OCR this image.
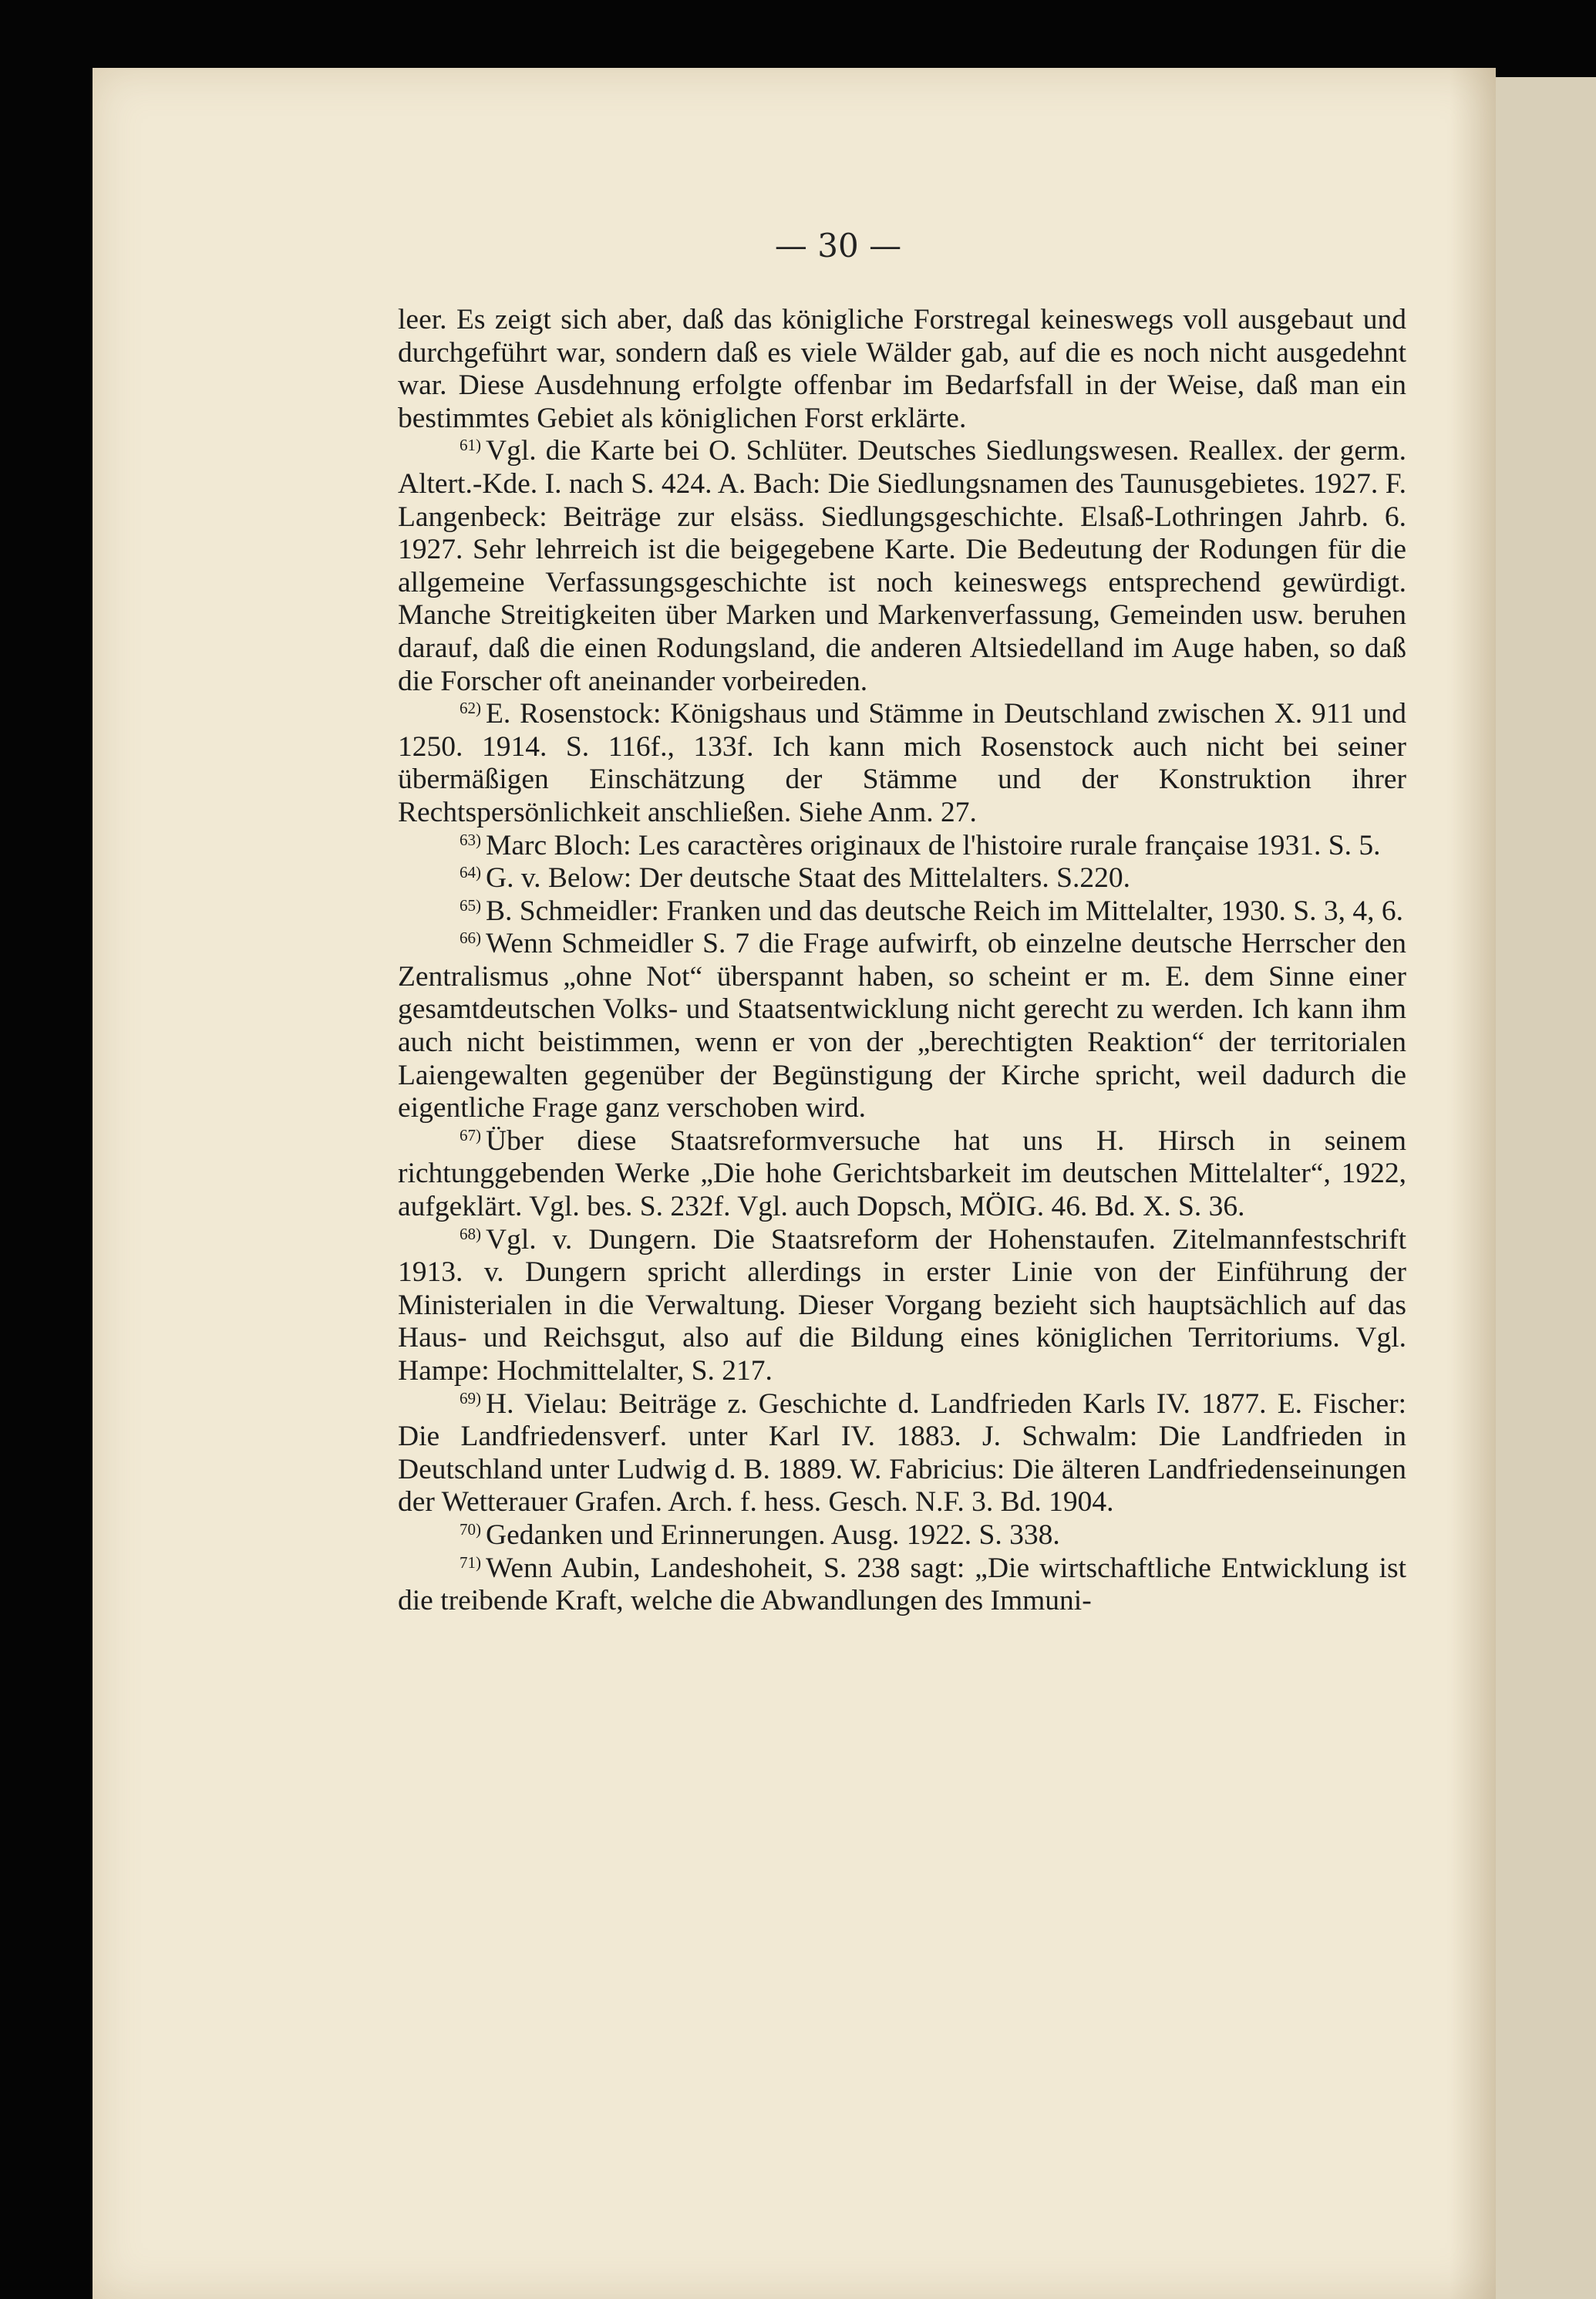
— 30 —

leer. Es zeigt sich aber, daß das königliche Forstregal keineswegs voll ausgebaut und durchgeführt war, sondern daß es viele Wälder gab, auf die es noch nicht ausgedehnt war. Diese Ausdehnung erfolgte offenbar im Bedarfsfall in der Weise, daß man ein bestimmtes Gebiet als königlichen Forst erklärte.

$^{61)}$ Vgl. die Karte bei O. Schlüter. Deutsches Siedlungswesen. Reallex. der germ. Altert.-Kde. I. nach S. 424. A. Bach: Die Siedlungsnamen des Taunusgebietes. 1927. F. Langenbeck: Beiträge zur elsäss. Siedlungsgeschichte. Elsaß-Lothringen Jahrb. 6. 1927. Sehr lehrreich ist die beigegebene Karte. Die Bedeutung der Rodungen für die allgemeine Verfassungsgeschichte ist noch keineswegs entsprechend gewürdigt. Manche Streitigkeiten über Marken und Markenverfassung, Gemeinden usw. beruhen darauf, daß die einen Rodungsland, die anderen Altsiedelland im Auge haben, so daß die Forscher oft aneinander vorbeireden.

$^{62)}$ E. Rosenstock: Königshaus und Stämme in Deutschland zwischen X. 911 und 1250. 1914. S. 116f., 133f. Ich kann mich Rosenstock auch nicht bei seiner übermäßigen Einschätzung der Stämme und der Konstruktion ihrer Rechtspersönlichkeit anschließen. Siehe Anm. 27.

$^{63)}$ Marc Bloch: Les caractères originaux de l'histoire rurale française 1931. S. 5.

$^{64)}$ G. v. Below: Der deutsche Staat des Mittelalters. S.220.

$^{65)}$ B. Schmeidler: Franken und das deutsche Reich im Mittelalter, 1930. S. 3, 4, 6.

$^{66)}$ Wenn Schmeidler S. 7 die Frage aufwirft, ob einzelne deutsche Herrscher den Zentralismus „ohne Not“ überspannt haben, so scheint er m. E. dem Sinne einer gesamtdeutschen Volks- und Staatsentwicklung nicht gerecht zu werden. Ich kann ihm auch nicht beistimmen, wenn er von der „berechtigten Reaktion“ der territorialen Laiengewalten gegenüber der Begünstigung der Kirche spricht, weil dadurch die eigentliche Frage ganz verschoben wird.

$^{67)}$ Über diese Staatsreformversuche hat uns H. Hirsch in seinem richtunggebenden Werke „Die hohe Gerichtsbarkeit im deutschen Mittelalter“, 1922, aufgeklärt. Vgl. bes. S. 232f. Vgl. auch Dopsch, MÖIG. 46. Bd. X. S. 36.

$^{68)}$ Vgl. v. Dungern. Die Staatsreform der Hohenstaufen. Zitelmannfestschrift 1913. v. Dungern spricht allerdings in erster Linie von der Einführung der Ministerialen in die Verwaltung. Dieser Vorgang bezieht sich hauptsächlich auf das Haus- und Reichsgut, also auf die Bildung eines königlichen Territoriums. Vgl. Hampe: Hochmittelalter, S. 217.

$^{69)}$ H. Vielau: Beiträge z. Geschichte d. Landfrieden Karls IV. 1877. E. Fischer: Die Landfriedensverf. unter Karl IV. 1883. J. Schwalm: Die Landfrieden in Deutschland unter Ludwig d. B. 1889. W. Fabricius: Die älteren Landfriedenseinungen der Wetterauer Grafen. Arch. f. hess. Gesch. N.F. 3. Bd. 1904.

$^{70)}$ Gedanken und Erinnerungen. Ausg. 1922. S. 338.

$^{71)}$ Wenn Aubin, Landeshoheit, S. 238 sagt: „Die wirtschaftliche Entwicklung ist die treibende Kraft, welche die Abwandlungen des Immuni-
